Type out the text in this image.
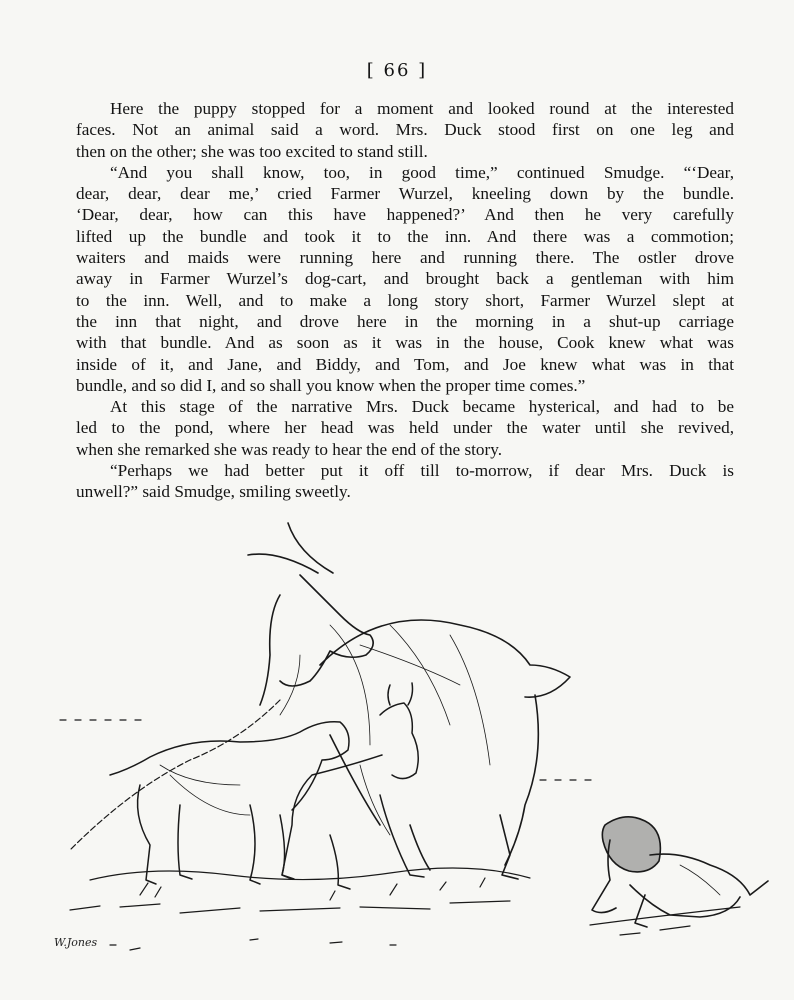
[ 66 ]

Here the puppy stopped for a moment and looked round at the interested
faces. Not an animal said a word. Mrs. Duck stood first on one leg and
then on the other; she was too excited to stand still.

“And you shall know, too, in good time,” continued Smudge. “‘Dear,
dear, dear, dear me,’ cried Farmer Wurzel, kneeling down by the bundle.
‘Dear, dear, how can this have happened?’ And then he very carefully
lifted up the bundle and took it to the inn. And there was a commotion;
waiters and maids were running here and running there. The ostler drove
away in Farmer Wurzel’s dog-cart, and brought back a gentleman with him
to the inn. Well, and to make a long story short, Farmer Wurzel slept at
the inn that night, and drove here in the morning in a shut-up carriage
with that bundle. And as soon as it was in the house, Cook knew what was
inside of it, and Jane, and Biddy, and Tom, and Joe knew what was in that
bundle, and so did I, and so shall you know when the proper time comes.”

At this stage of the narrative Mrs. Duck became hysterical, and had to be
led to the pond, where her head was held under the water until she revived,
when she remarked she was ready to hear the end of the story.

“Perhaps we had better put it off till to-morrow, if dear Mrs. Duck is
unwell?” said Smudge, smiling sweetly.

W.Jones
